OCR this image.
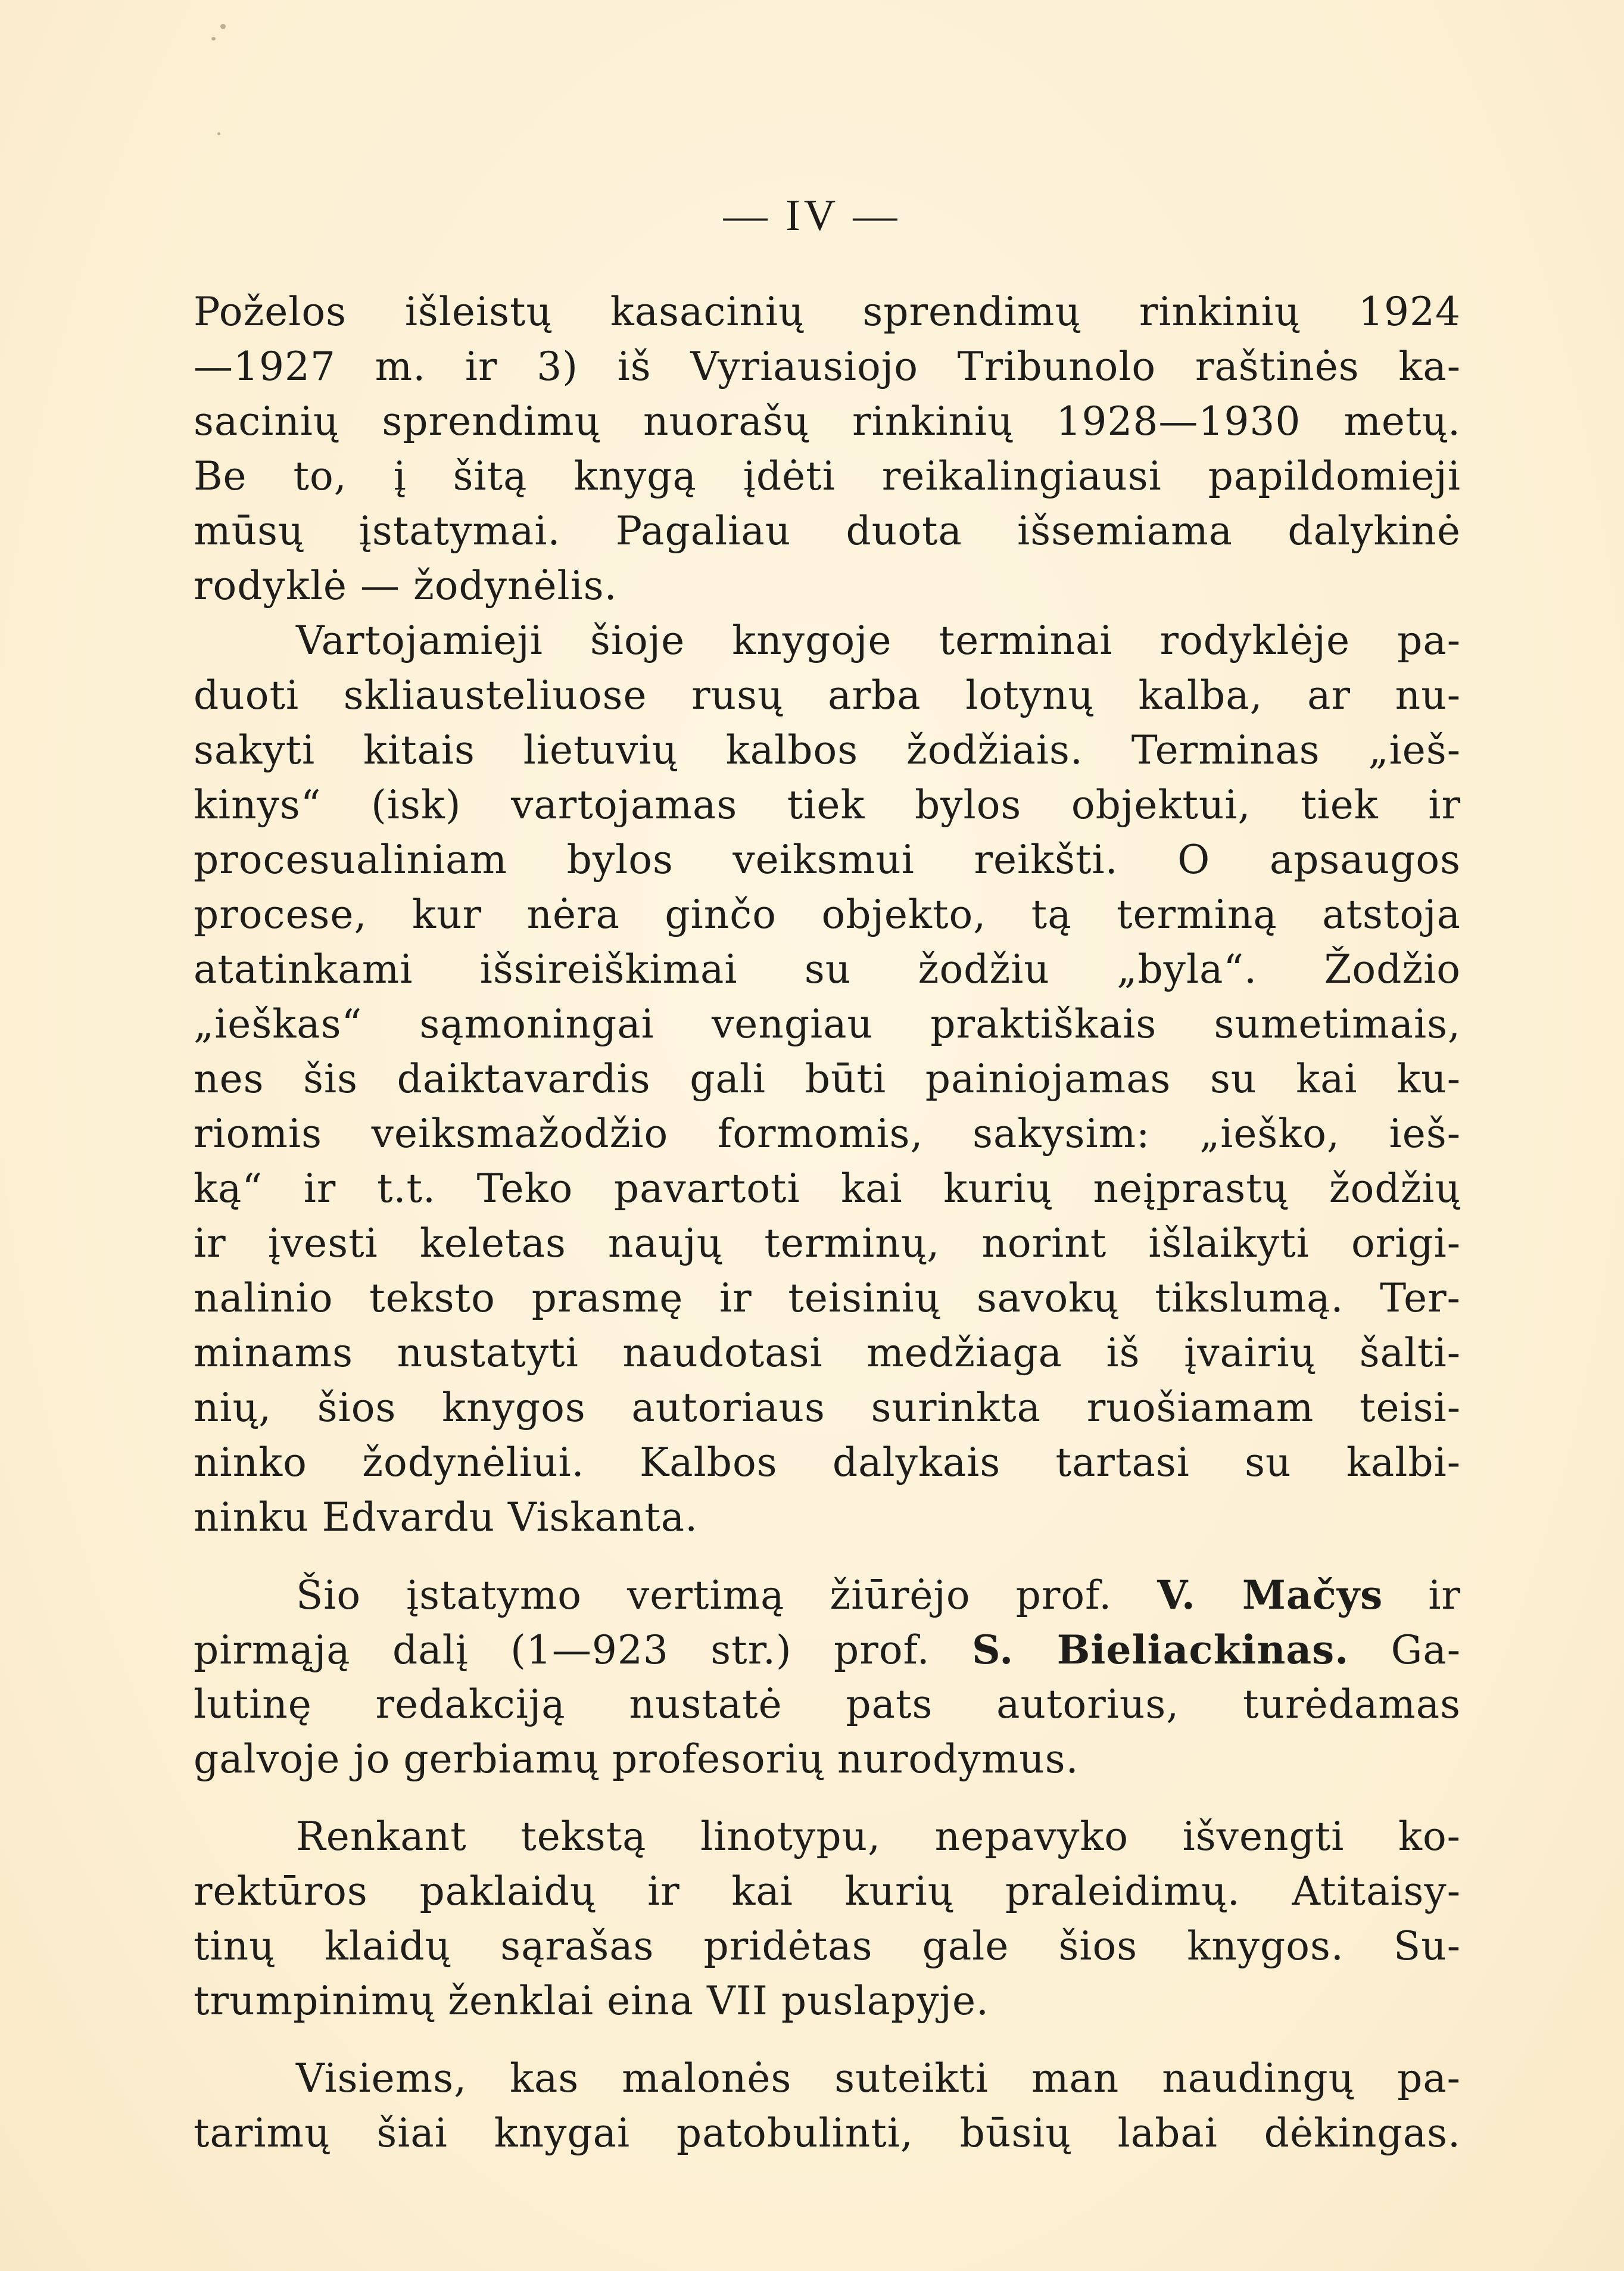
— IV —
Poželos išleistų kasacinių sprendimų rinkinių 1924
—1927 m. ir 3) iš Vyriausiojo Tribunolo raštinės ka-
sacinių sprendimų nuorašų rinkinių 1928—1930 metų.
Be to, į šitą knygą įdėti reikalingiausi papildomieji
mūsų įstatymai. Pagaliau duota išsemiama dalykinė
rodyklė — žodynėlis.
Vartojamieji šioje knygoje terminai rodyklėje pa-
duoti skliausteliuose rusų arba lotynų kalba, ar nu-
sakyti kitais lietuvių kalbos žodžiais. Terminas „ieš-
kinys“ (isk) vartojamas tiek bylos objektui, tiek ir
procesualiniam bylos veiksmui reikšti. O apsaugos
procese, kur nėra ginčo objekto, tą terminą atstoja
atatinkami išsireiškimai su žodžiu „byla“. Žodžio
„ieškas“ sąmoningai vengiau praktiškais sumetimais,
nes šis daiktavardis gali būti painiojamas su kai ku-
riomis veiksmažodžio formomis, sakysim: „ieško, ieš-
ką“ ir t.t. Teko pavartoti kai kurių neįprastų žodžių
ir įvesti keletas naujų terminų, norint išlaikyti origi-
nalinio teksto prasmę ir teisinių savokų tikslumą. Ter-
minams nustatyti naudotasi medžiaga iš įvairių šalti-
nių, šios knygos autoriaus surinkta ruošiamam teisi-
ninko žodynėliui. Kalbos dalykais tartasi su kalbi-
ninku Edvardu Viskanta.
Šio įstatymo vertimą žiūrėjo prof. V. Mačys ir
pirmąją dalį (1—923 str.) prof. S. Bieliackinas. Ga-
lutinę redakciją nustatė pats autorius, turėdamas
galvoje jo gerbiamų profesorių nurodymus.
Renkant tekstą linotypu, nepavyko išvengti ko-
rektūros paklaidų ir kai kurių praleidimų. Atitaisy-
tinų klaidų sąrašas pridėtas gale šios knygos. Su-
trumpinimų ženklai eina VII puslapyje.
Visiems, kas malonės suteikti man naudingų pa-
tarimų šiai knygai patobulinti, būsių labai dėkingas.
